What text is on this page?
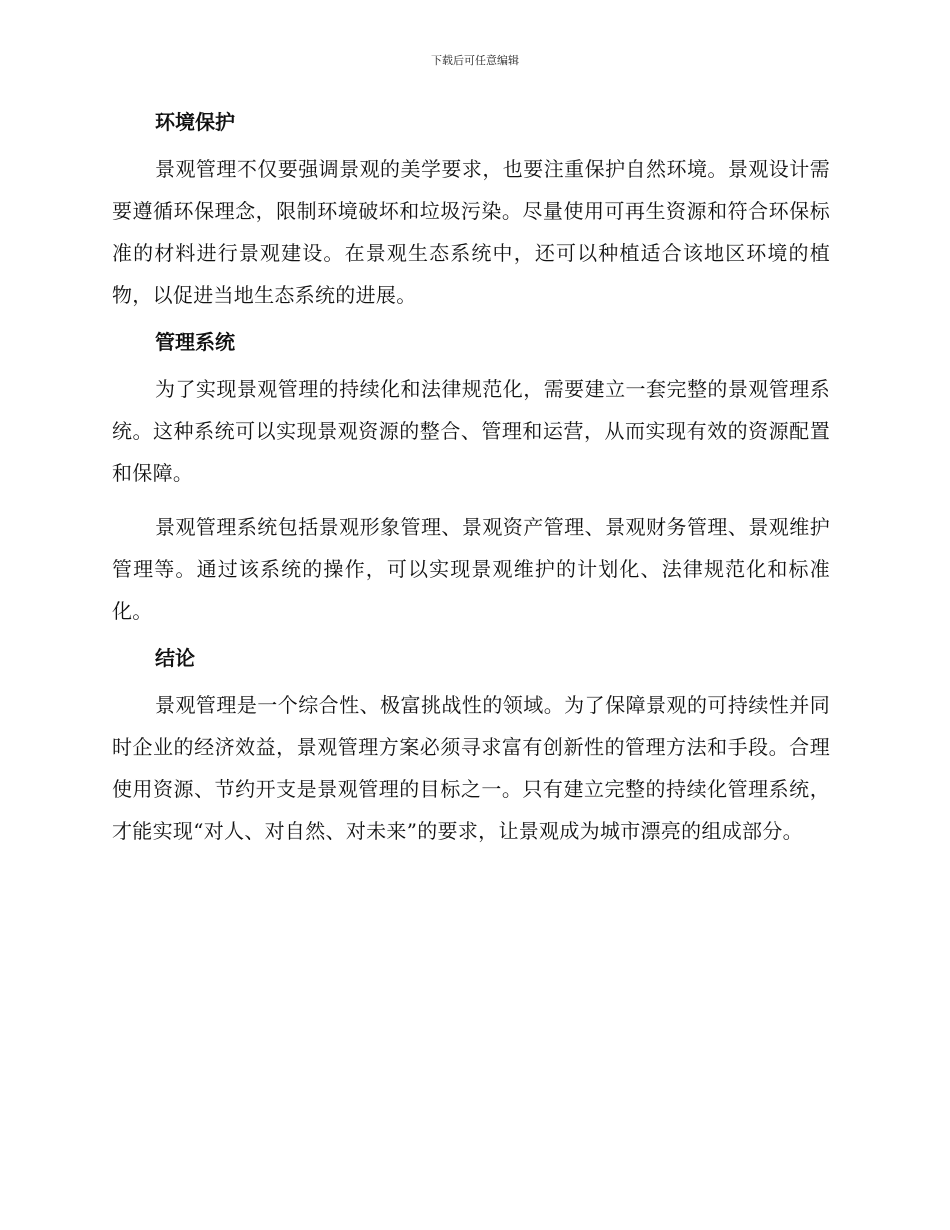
下载后可任意编辑
环境保护

景观管理不仅要强调景观的美学要求，也要注重保护自然环境。景观设计需要遵循环保理念，限制环境破坏和垃圾污染。尽量使用可再生资源和符合环保标准的材料进行景观建设。在景观生态系统中，还可以种植适合该地区环境的植物，以促进当地生态系统的进展。

管理系统

为了实现景观管理的持续化和法律规范化，需要建立一套完整的景观管理系统。这种系统可以实现景观资源的整合、管理和运营，从而实现有效的资源配置和保障。

景观管理系统包括景观形象管理、景观资产管理、景观财务管理、景观维护管理等。通过该系统的操作，可以实现景观维护的计划化、法律规范化和标准化。

结论

景观管理是一个综合性、极富挑战性的领域。为了保障景观的可持续性并同时企业的经济效益，景观管理方案必须寻求富有创新性的管理方法和手段。合理使用资源、节约开支是景观管理的目标之一。只有建立完整的持续化管理系统，才能实现“对人、对自然、对未来”的要求，让景观成为城市漂亮的组成部分。
